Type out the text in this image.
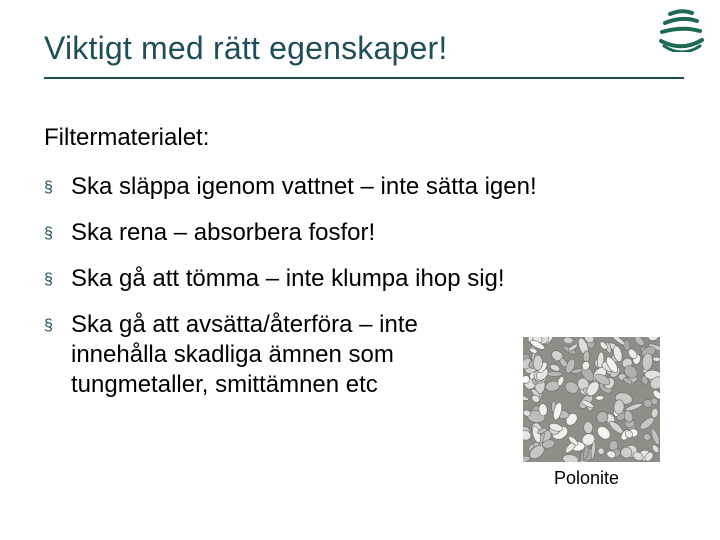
Viktigt med rätt egenskaper!
Filtermaterialet:
§ Ska släppa igenom vattnet – inte sätta igen!
§ Ska rena – absorbera fosfor!
§ Ska gå att tömma – inte klumpa ihop sig!
§ Ska gå att avsätta/återföra – inte
innehålla skadliga ämnen som
tungmetaller, smittämnen etc
Polonite
